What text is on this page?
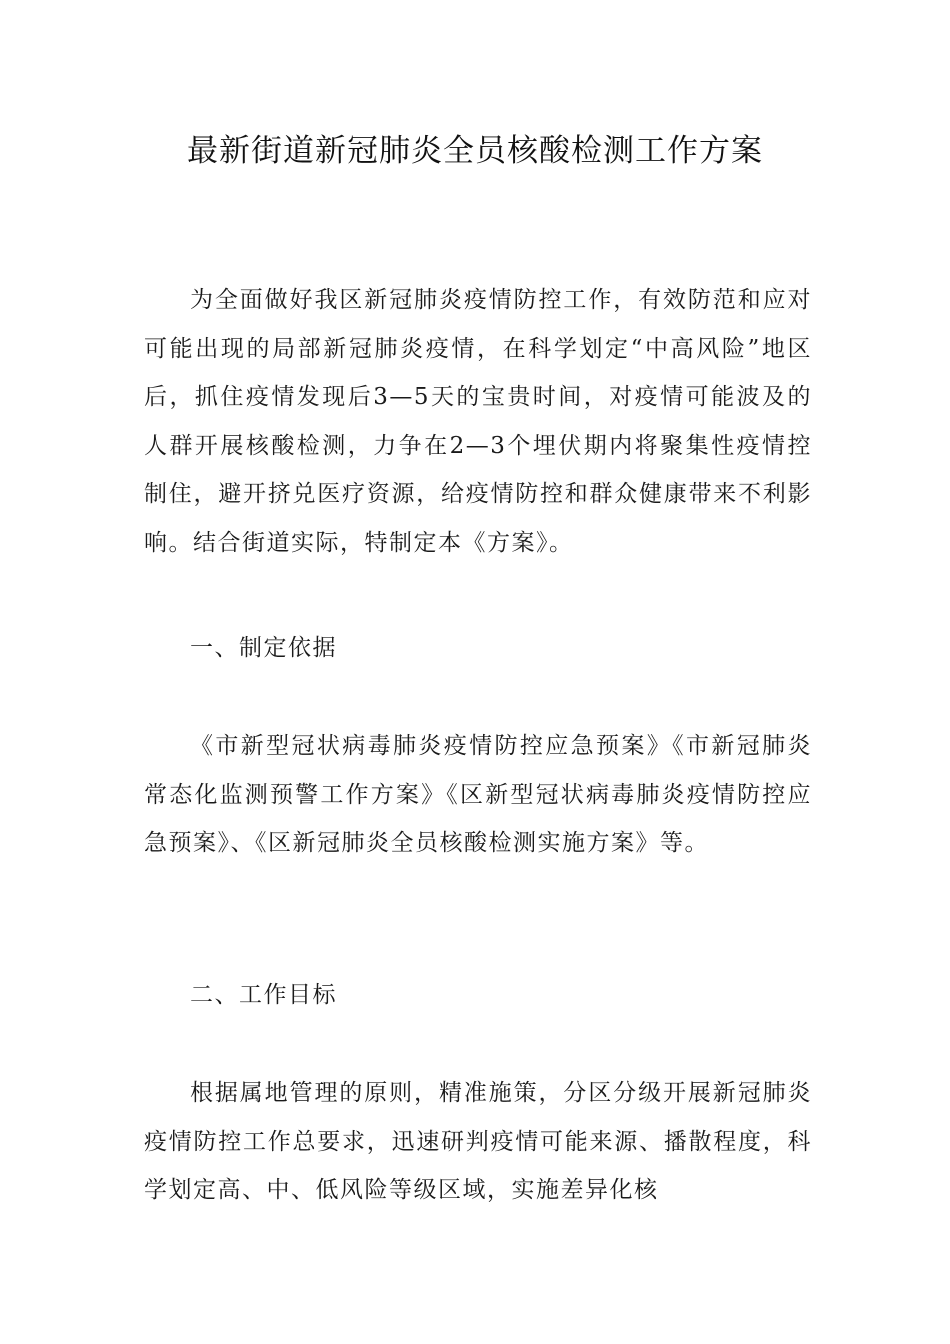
最新街道新冠肺炎全员核酸检测工作方案

为全面做好我区新冠肺炎疫情防控工作，有效防范和应对可能出现的局部新冠肺炎疫情，在科学划定“中高风险”地区后，抓住疫情发现后3—5天的宝贵时间，对疫情可能波及的人群开展核酸检测，力争在2—3个埋伏期内将聚集性疫情控制住，避开挤兑医疗资源，给疫情防控和群众健康带来不利影响。结合街道实际，特制定本《方案》。

一、制定依据

《市新型冠状病毒肺炎疫情防控应急预案》《市新冠肺炎常态化监测预警工作方案》《区新型冠状病毒肺炎疫情防控应急预案》、《区新冠肺炎全员核酸检测实施方案》等。

二、工作目标

根据属地管理的原则，精准施策，分区分级开展新冠肺炎疫情防控工作总要求，迅速研判疫情可能来源、播散程度，科学划定高、中、低风险等级区域，实施差异化核
